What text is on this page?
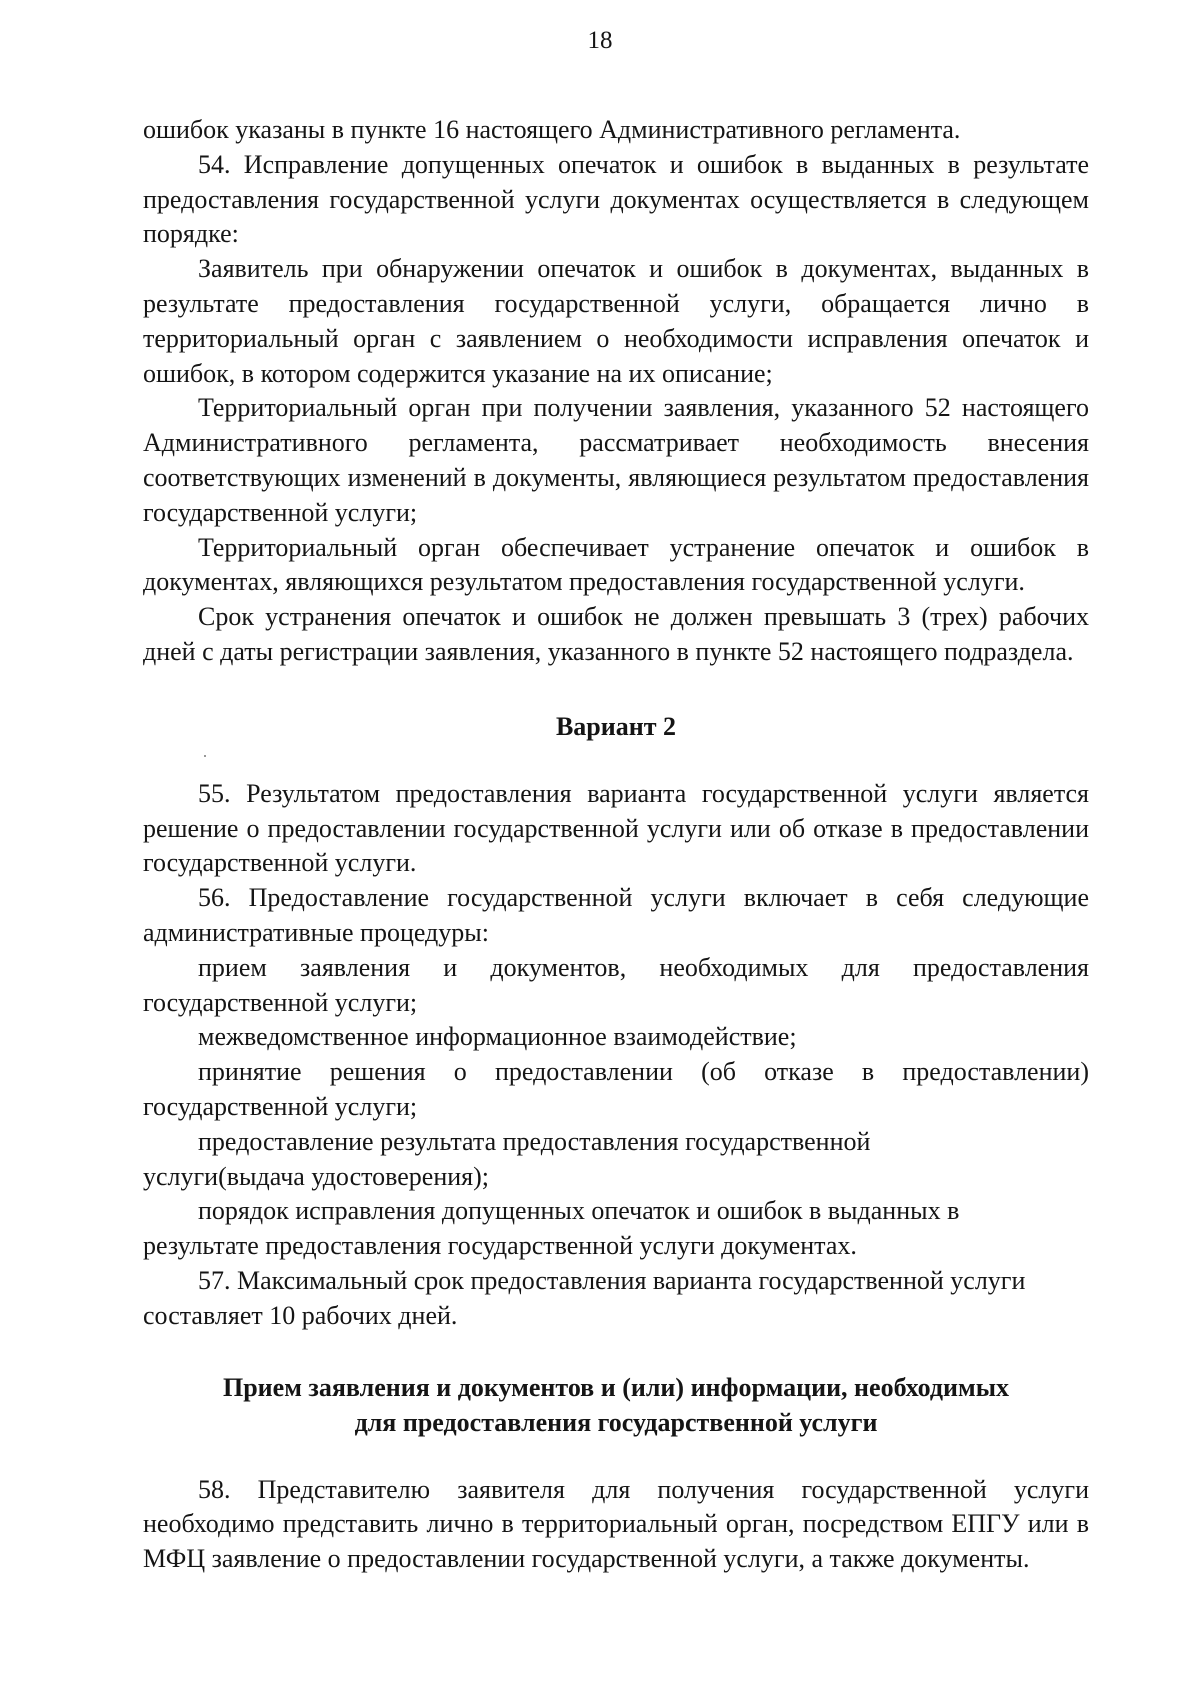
18

ошибок указаны в пункте 16 настоящего Административного регламента.

54. Исправление допущенных опечаток и ошибок в выданных в результате предоставления государственной услуги документах осуществляется в следующем порядке:

Заявитель при обнаружении опечаток и ошибок в документах, выданных в результате предоставления государственной услуги, обращается лично в территориальный орган с заявлением о необходимости исправления опечаток и ошибок, в котором содержится указание на их описание;

Территориальный орган при получении заявления, указанного 52 настоящего Административного регламента, рассматривает необходимость внесения соответствующих изменений в документы, являющиеся результатом предоставления государственной услуги;

Территориальный орган обеспечивает устранение опечаток и ошибок в документах, являющихся результатом предоставления государственной услуги.

Срок устранения опечаток и ошибок не должен превышать 3 (трех) рабочих дней с даты регистрации заявления, указанного в пункте 52 настоящего подраздела.

Вариант 2

55. Результатом предоставления варианта государственной услуги является решение о предоставлении государственной услуги или об отказе в предоставлении государственной услуги.

56. Предоставление государственной услуги включает в себя следующие административные процедуры:

прием заявления и документов, необходимых для предоставления государственной услуги;

межведомственное информационное взаимодействие;

принятие решения о предоставлении (об отказе в предоставлении) государственной услуги;

предоставление результата предоставления государственной

услуги(выдача удостоверения);

порядок исправления допущенных опечаток и ошибок в выданных в результате предоставления государственной услуги документах.

57. Максимальный срок предоставления варианта государственной услуги составляет 10 рабочих дней.

Прием заявления и документов и (или) информации, необходимых

для предоставления государственной услуги

58. Представителю заявителя для получения государственной услуги необходимо представить лично в территориальный орган, посредством ЕПГУ или в МФЦ заявление о предоставлении государственной услуги, а также документы.
